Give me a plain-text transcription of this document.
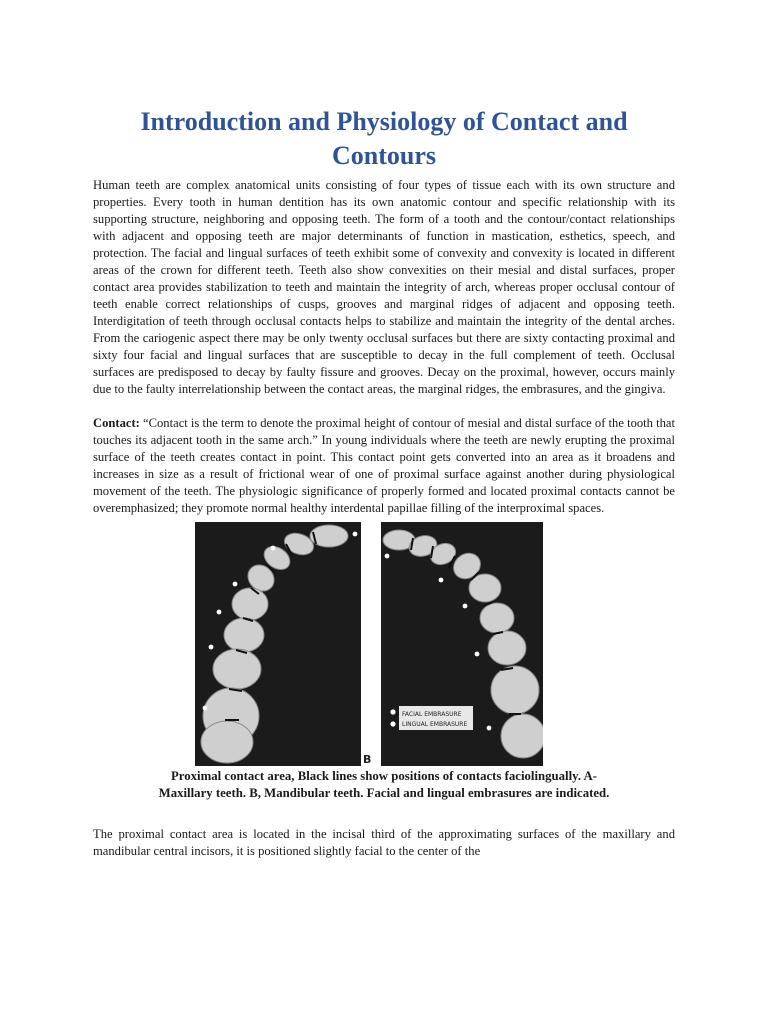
Introduction and Physiology of Contact and Contours

Human teeth are complex anatomical units consisting of four types of tissue each with its own structure and properties. Every tooth in human dentition has its own anatomic contour and specific relationship with its supporting structure, neighboring and opposing teeth. The form of a tooth and the contour/contact relationships with adjacent and opposing teeth are major determinants of function in mastication, esthetics, speech, and protection. The facial and lingual surfaces of teeth exhibit some of convexity and convexity is located in different areas of the crown for different teeth. Teeth also show convexities on their mesial and distal surfaces, proper contact area provides stabilization to teeth and maintain the integrity of arch, whereas proper occlusal contour of teeth enable correct relationships of cusps, grooves and marginal ridges of adjacent and opposing teeth. Interdigitation of teeth through occlusal contacts helps to stabilize and maintain the integrity of the dental arches. From the cariogenic aspect there may be only twenty occlusal surfaces but there are sixty contacting proximal and sixty four facial and lingual surfaces that are susceptible to decay in the full complement of teeth. Occlusal surfaces are predisposed to decay by faulty fissure and grooves. Decay on the proximal, however, occurs mainly due to the faulty interrelationship between the contact areas, the marginal ridges, the embrasures, and the gingiva.

Contact: “Contact is the term to denote the proximal height of contour of mesial and distal surface of the tooth that touches its adjacent tooth in the same arch.” In young individuals where the teeth are newly erupting the proximal surface of the teeth creates contact in point. This contact point gets converted into an area as it broadens and increases in size as a result of frictional wear of one of proximal surface against another during physiological movement of the teeth. The physiologic significance of properly formed and located proximal contacts cannot be overemphasized; they promote normal healthy interdental papillae filling of the interproximal spaces.

FACIAL EMBRASURE
LINGUAL EMBRASURE
B

Proximal contact area, Black lines show positions of contacts faciolingually. A-
Maxillary teeth. B, Mandibular teeth. Facial and lingual embrasures are indicated.

The proximal contact area is located in the incisal third of the approximating surfaces of the maxillary and mandibular central incisors, it is positioned slightly facial to the center of the
